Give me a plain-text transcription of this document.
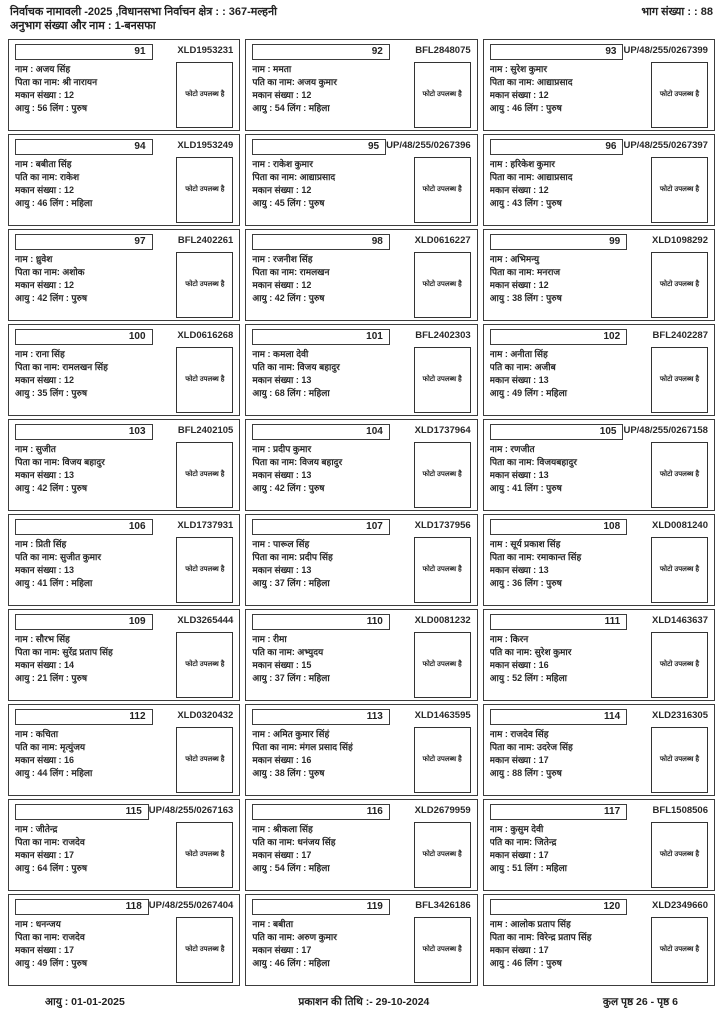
निर्वाचक नामावली -2025 ,विधानसभा निर्वाचन क्षेत्र : : 367-मल्हनी	भाग संख्या : : 88
अनुभाग संख्या और नाम : 1-बनसफा
91	XLD1953231
नाम : अजय सिंह
पिता का नाम: श्री नारायन
मकान संख्या : 12
आयु : 56 लिंग : पुरुष
फोटो उपलब्ध है
92	BFL2848075
नाम : ममता
पति का नाम: अजय कुमार
मकान संख्या : 12
आयु : 54 लिंग : महिला
फोटो उपलब्ध है
93 UP/48/255/0267399
नाम : सुरेश कुमार
पिता का नाम: आद्याप्रसाद
मकान संख्या : 12
आयु : 46 लिंग : पुरुष
फोटो उपलब्ध है
94	XLD1953249
नाम : बबीता सिंह
पति का नाम: राकेश
मकान संख्या : 12
आयु : 46 लिंग : महिला
फोटो उपलब्ध है
95 UP/48/255/0267396
नाम : राकेश कुमार
पिता का नाम: आद्याप्रसाद
मकान संख्या : 12
आयु : 45 लिंग : पुरुष
फोटो उपलब्ध है
96 UP/48/255/0267397
नाम : हरिकेश कुमार
पिता का नाम: आद्याप्रसाद
मकान संख्या : 12
आयु : 43 लिंग : पुरुष
फोटो उपलब्ध है
97	BFL2402261
नाम : ध्रुवेश
पिता का नाम: अशोक
मकान संख्या : 12
आयु : 42 लिंग : पुरुष
फोटो उपलब्ध है
98	XLD0616227
नाम : रजनीश सिंह
पिता का नाम: रामलखन
मकान संख्या : 12
आयु : 42 लिंग : पुरुष
फोटो उपलब्ध है
99	XLD1098292
नाम : अभिमन्यु
पिता का नाम: मनराज
मकान संख्या : 12
आयु : 38 लिंग : पुरुष
फोटो उपलब्ध है
100	XLD0616268
नाम : राना सिंह
पिता का नाम: रामलखन सिंह
मकान संख्या : 12
आयु : 35 लिंग : पुरुष
फोटो उपलब्ध है
101	BFL2402303
नाम : कमला देवी
पति का नाम: विजय बहादुर
मकान संख्या : 13
आयु : 68 लिंग : महिला
फोटो उपलब्ध है
102	BFL2402287
नाम : अनीता सिंह
पति का नाम: अजीब
मकान संख्या : 13
आयु : 49 लिंग : महिला
फोटो उपलब्ध है
103	BFL2402105
नाम : सुजीत
पिता का नाम: विजय बहादुर
मकान संख्या : 13
आयु : 42 लिंग : पुरुष
फोटो उपलब्ध है
104	XLD1737964
नाम : प्रदीप कुमार
पिता का नाम: विजय बहादुर
मकान संख्या : 13
आयु : 42 लिंग : पुरुष
फोटो उपलब्ध है
105 UP/48/255/0267158
नाम : रणजीत
पिता का नाम: विजयबहादुर
मकान संख्या : 13
आयु : 41 लिंग : पुरुष
फोटो उपलब्ध है
106	XLD1737931
नाम : प्रिती सिंह
पति का नाम: सुजीत कुमार
मकान संख्या : 13
आयु : 41 लिंग : महिला
फोटो उपलब्ध है
107	XLD1737956
नाम : पारूल सिंह
पिता का नाम: प्रदीप सिंह
मकान संख्या : 13
आयु : 37 लिंग : महिला
फोटो उपलब्ध है
108	XLD0081240
नाम : सूर्य प्रकाश सिंह
पिता का नाम: रमाकान्त सिंह
मकान संख्या : 13
आयु : 36 लिंग : पुरुष
फोटो उपलब्ध है
109	XLD3265444
नाम : सौरभ सिंह
पिता का नाम: सुरेंद्र प्रताप सिंह
मकान संख्या : 14
आयु : 21 लिंग : पुरुष
फोटो उपलब्ध है
110	XLD0081232
नाम : रीमा
पति का नाम: अभ्युदय
मकान संख्या : 15
आयु : 37 लिंग : महिला
फोटो उपलब्ध है
111	XLD1463637
नाम : किरन
पति का नाम: सुरेश कुमार
मकान संख्या : 16
आयु : 52 लिंग : महिला
फोटो उपलब्ध है
112	XLD0320432
नाम : कचिता
पति का नाम: मृत्युंजय
मकान संख्या : 16
आयु : 44 लिंग : महिला
फोटो उपलब्ध है
113	XLD1463595
नाम : अमित कुमार सिंहं
पिता का नाम: मंगल प्रसाद सिंहं
मकान संख्या : 16
आयु : 38 लिंग : पुरुष
फोटो उपलब्ध है
114	XLD2316305
नाम : राजदेव सिंह
पिता का नाम: उदरेज सिंह
मकान संख्या : 17
आयु : 88 लिंग : पुरुष
फोटो उपलब्ध है
115 UP/48/255/0267163
नाम : जीतेन्द्र
पिता का नाम: राजदेव
मकान संख्या : 17
आयु : 64 लिंग : पुरुष
फोटो उपलब्ध है
116	XLD2679959
नाम : श्रीकला सिंह
पति का नाम: धनंजय सिंह
मकान संख्या : 17
आयु : 54 लिंग : महिला
फोटो उपलब्ध है
117	BFL1508506
नाम : कुसुम देवी
पति का नाम: जितेन्द्र
मकान संख्या : 17
आयु : 51 लिंग : महिला
फोटो उपलब्ध है
118 UP/48/255/0267404
नाम : धनन्जय
पिता का नाम: राजदेव
मकान संख्या : 17
आयु : 49 लिंग : पुरुष
फोटो उपलब्ध है
119	BFL3426186
नाम : बबीता
पति का नाम: अरुण कुमार
मकान संख्या : 17
आयु : 46 लिंग : महिला
फोटो उपलब्ध है
120	XLD2349660
नाम : आलोक प्रताप सिंह
पिता का नाम: विरेन्द्र प्रताप सिंह
मकान संख्या : 17
आयु : 46 लिंग : पुरुष
फोटो उपलब्ध है
आयु : 01-01-2025	प्रकाशन की तिथि :- 29-10-2024	कुल पृष्ठ 26 - पृष्ठ 6
